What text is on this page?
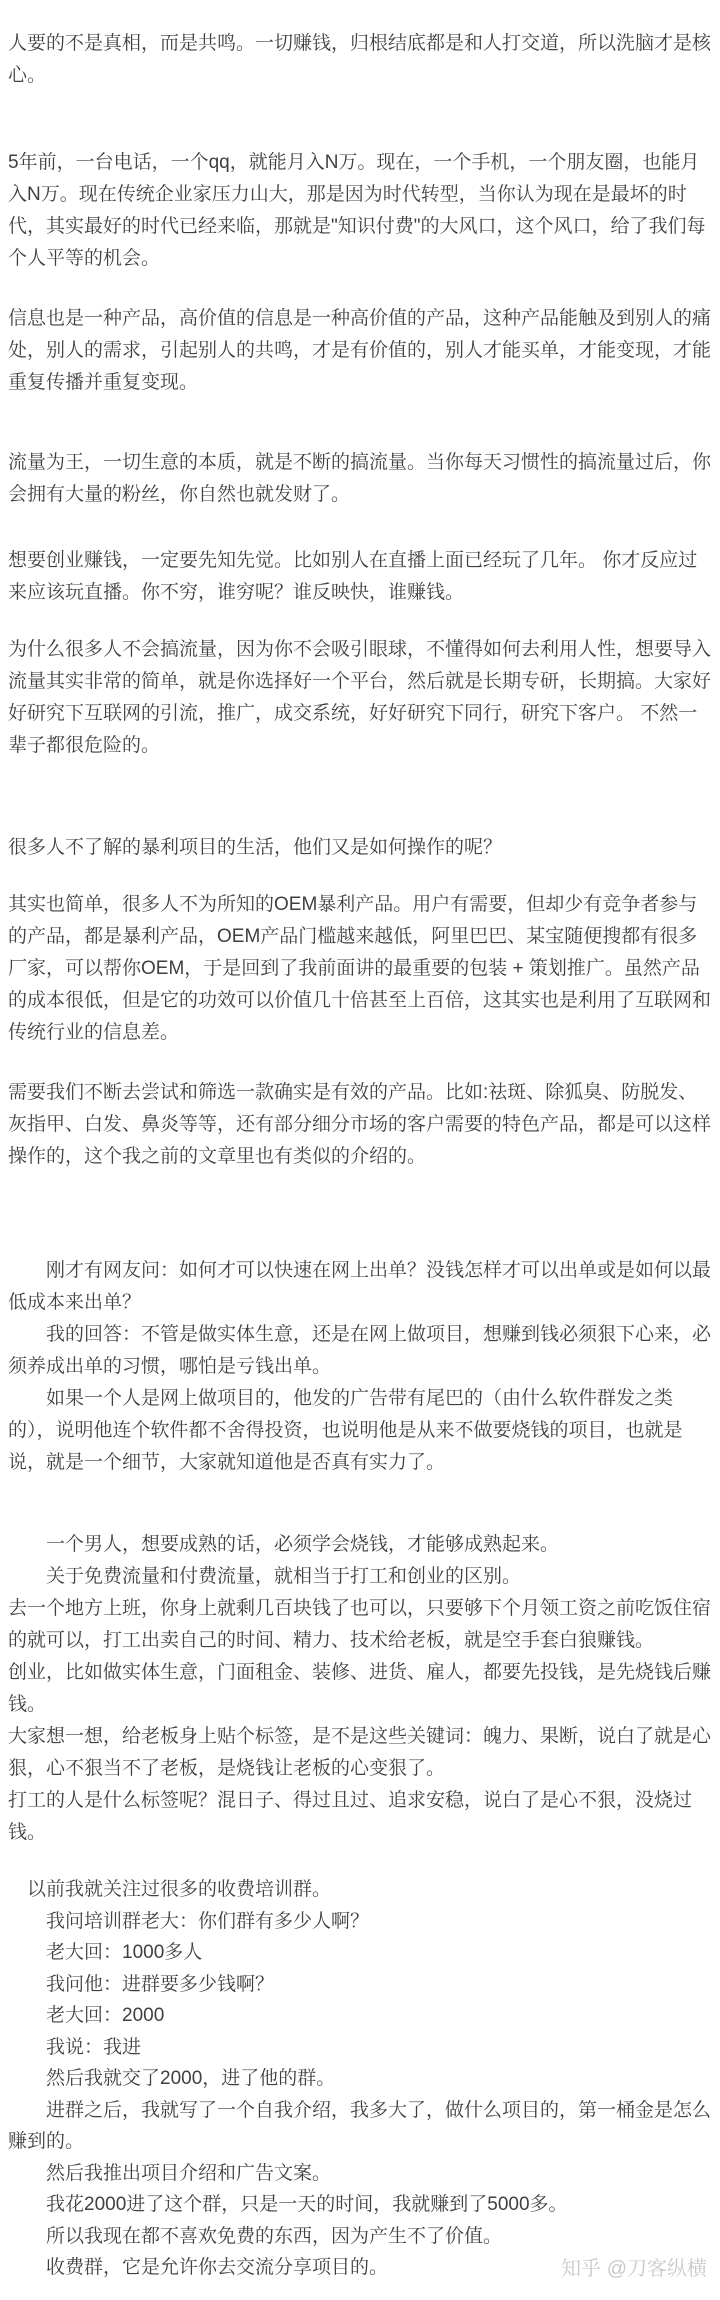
人要的不是真相，而是共鸣。一切赚钱，归根结底都是和人打交道，所以洗脑才是核心。
5年前，一台电话，一个qq，就能月入N万。现在，一个手机，一个朋友圈，也能月入N万。现在传统企业家压力山大，那是因为时代转型，当你认为现在是最坏的时代，其实最好的时代已经来临，那就是"知识付费"的大风口，这个风口，给了我们每个人平等的机会。
信息也是一种产品，高价值的信息是一种高价值的产品，这种产品能触及到别人的痛处，别人的需求，引起别人的共鸣，才是有价值的，别人才能买单，才能变现，才能重复传播并重复变现。
流量为王，一切生意的本质，就是不断的搞流量。当你每天习惯性的搞流量过后，你会拥有大量的粉丝，你自然也就发财了。
想要创业赚钱，一定要先知先觉。比如别人在直播上面已经玩了几年。 你才反应过 来应该玩直播。你不穷，谁穷呢？谁反映快，谁赚钱。
为什么很多人不会搞流量，因为你不会吸引眼球，不懂得如何去利用人性，想要导入流量其实非常的简单，就是你选择好一个平台，然后就是长期专研，长期搞。大家好好研究下互联网的引流，推广，成交系统，好好研究下同行，研究下客户。 不然一辈子都很危险的。
很多人不了解的暴利项目的生活，他们又是如何操作的呢？
其实也简单，很多人不为所知的OEM暴利产品。用户有需要，但却少有竞争者参与的产品，都是暴利产品，OEM产品门槛越来越低，阿里巴巴、某宝随便搜都有很多厂家，可以帮你OEM，于是回到了我前面讲的最重要的包装 + 策划推广。虽然产品的成本很低，但是它的功效可以价值几十倍甚至上百倍，这其实也是利用了互联网和传统行业的信息差。
需要我们不断去尝试和筛选一款确实是有效的产品。比如:祛斑、除狐臭、防脱发、灰指甲、白发、鼻炎等等，还有部分细分市场的客户需要的特色产品，都是可以这样操作的，这个我之前的文章里也有类似的介绍的。

刚才有网友问：如何才可以快速在网上出单？没钱怎样才可以出单或是如何以最低成本来出单？

我的回答：不管是做实体生意，还是在网上做项目，想赚到钱必须狠下心来，必须养成出单的习惯，哪怕是亏钱出单。

如果一个人是网上做项目的，他发的广告带有尾巴的（由什么软件群发之类的），说明他连个软件都不舍得投资，也说明他是从来不做要烧钱的项目，也就是说，就是一个细节，大家就知道他是否真有实力了。

一个男人，想要成熟的话，必须学会烧钱，才能够成熟起来。

关于免费流量和付费流量，就相当于打工和创业的区别。

去一个地方上班，你身上就剩几百块钱了也可以，只要够下个月领工资之前吃饭住宿的就可以，打工出卖自己的时间、精力、技术给老板，就是空手套白狼赚钱。

创业，比如做实体生意，门面租金、装修、进货、雇人，都要先投钱，是先烧钱后赚钱。

大家想一想，给老板身上贴个标签，是不是这些关键词：魄力、果断，说白了就是心狠，心不狠当不了老板，是烧钱让老板的心变狠了。

打工的人是什么标签呢？混日子、得过且过、追求安稳，说白了是心不狠，没烧过钱。

以前我就关注过很多的收费培训群。

我问培训群老大：你们群有多少人啊？

老大回：1000多人

我问他：进群要多少钱啊？

老大回：2000

我说：我进

然后我就交了2000，进了他的群。

进群之后，我就写了一个自我介绍，我多大了，做什么项目的，第一桶金是怎么赚到的。

然后我推出项目介绍和广告文案。

我花2000进了这个群，只是一天的时间，我就赚到了5000多。

所以我现在都不喜欢免费的东西，因为产生不了价值。

收费群，它是允许你去交流分享项目的。	知乎 @刀客纵横
